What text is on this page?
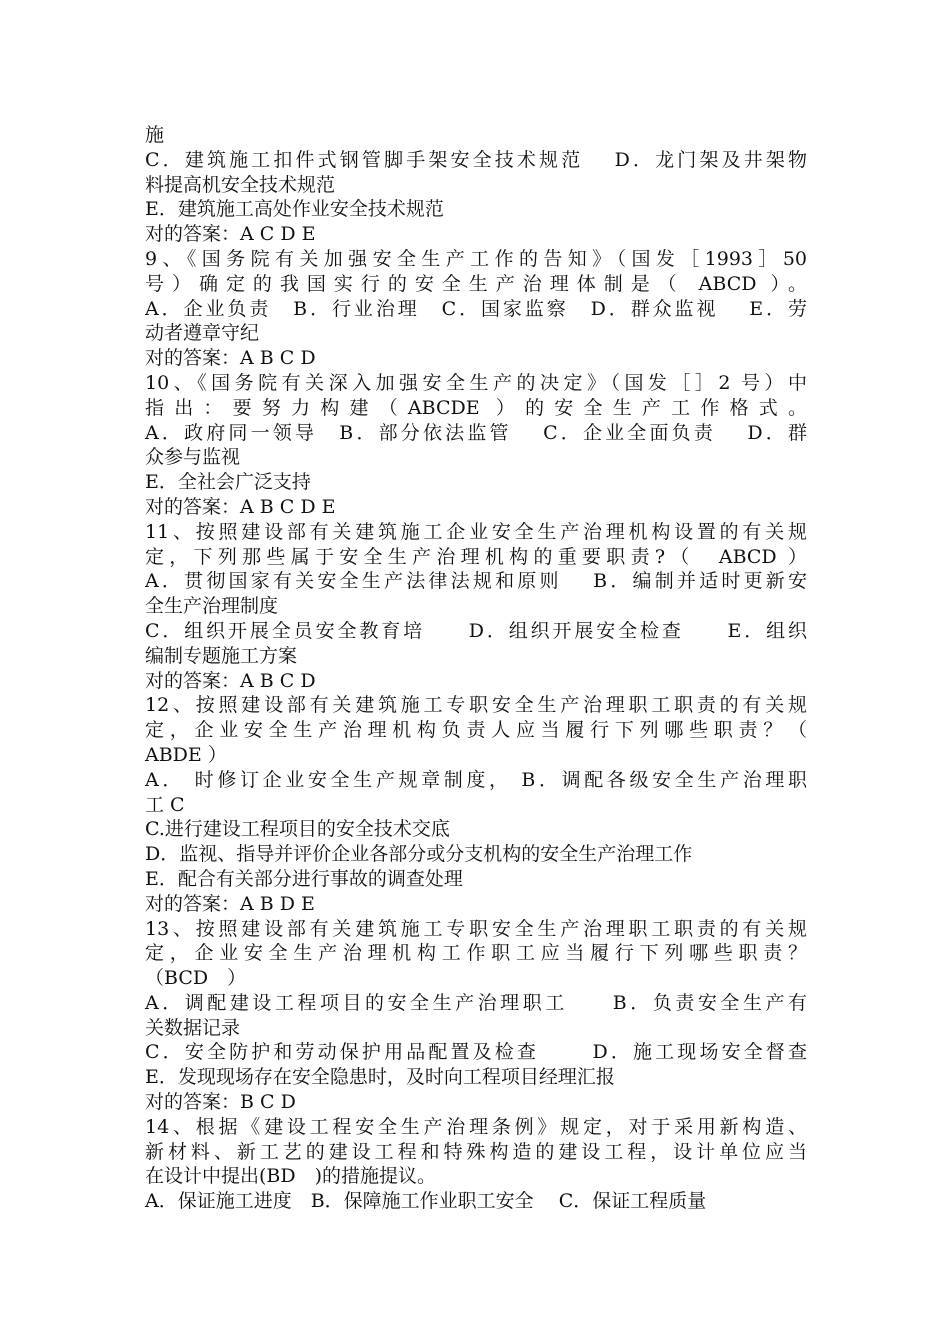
施
C．建筑施工扣件式钢管脚手架安全技术规范　 D．龙门架及井架物
料提高机安全技术规范
E．建筑施工高处作业安全技术规范
对的答案：A C D E
9、《国务院有关加强安全生产工作的告知》（国发［1993］50
号）确定的我国实行的安全生产治理体制是（ ABCD ）。
A．企业负责　B．行业治理　C．国家监察　D．群众监视　 E．劳
动者遵章守纪
对的答案：A B C D
10、《国务院有关深入加强安全生产的决定》（国发［］2 号）中
指出：要努力构建（ABCDE ）的安全生产工作格式。
A．政府同一领导　B．部分依法监管　 C．企业全面负责　 D．群
众参与监视
E．全社会广泛支持
对的答案：A B C D E
11、按照建设部有关建筑施工企业安全生产治理机构设置的有关规
定，下列那些属于安全生产治理机构的重要职责?（　ABCD ）
A．贯彻国家有关安全生产法律法规和原则　 B．编制并适时更新安
全生产治理制度
C．组织开展全员安全教育培　　D．组织开展安全检查　　E．组织
编制专题施工方案
对的答案：A B C D
12、按照建设部有关建筑施工专职安全生产治理职工职责的有关规
定，企业安全生产治理机构负责人应当履行下列哪些职责？（
ABDE ）
A． 时修订企业安全生产规章制度， B．调配各级安全生产治理职
工 C
C.进行建设工程项目的安全技术交底
D．监视、指导并评价企业各部分或分支机构的安全生产治理工作
E．配合有关部分进行事故的调查处理
对的答案：A B D E
13、按照建设部有关建筑施工专职安全生产治理职工职责的有关规
定，企业安全生产治理机构工作职工应当履行下列哪些职责？
（BCD　）
A．调配建设工程项目的安全生产治理职工　　B．负责安全生产有
关数据记录
C．安全防护和劳动保护用品配置及检查　　 D．施工现场安全督查
E．发现现场存在安全隐患时，及时向工程项目经理汇报
对的答案：B C D
14、根据《建设工程安全生产治理条例》规定，对于采用新构造、
新材料、新工艺的建设工程和特殊构造的建设工程，设计单位应当
在设计中提出(BD　)的措施提议。
A．保证施工进度　B．保障施工作业职工安全　 C．保证工程质量
